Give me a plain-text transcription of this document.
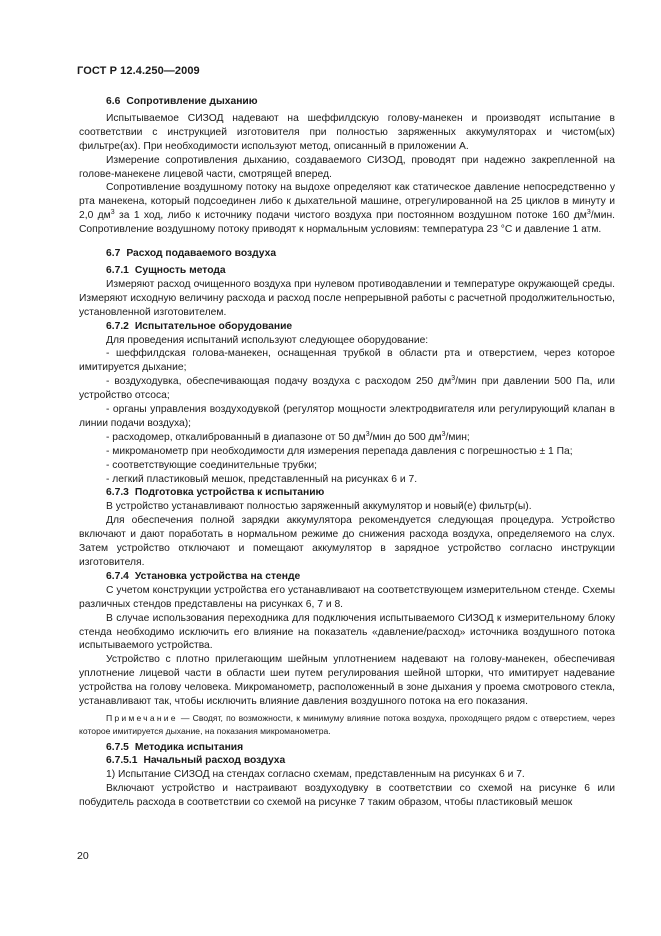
ГОСТ Р 12.4.250—2009
6.6 Сопротивление дыханию

Испытываемое СИЗОД надевают на шеффилдскую голову-манекен и производят испытание в соответствии с инструкцией изготовителя при полностью заряженных аккумуляторах и чистом(ых) фильтре(ах). При необходимости используют метод, описанный в приложении А.

Измерение сопротивления дыханию, создаваемого СИЗОД, проводят при надежно закрепленной на голове-манекене лицевой части, смотрящей вперед.

Сопротивление воздушному потоку на выдохе определяют как статическое давление непосредственно у рта манекена, который подсоединен либо к дыхательной машине, отрегулированной на 25 циклов в минуту и 2,0 $дм^3$ за 1 ход, либо к источнику подачи чистого воздуха при постоянном воздушном потоке 160 $дм^3$/мин. Сопротивление воздушному потоку приводят к нормальным условиям: температура 23 °С и давление 1 атм.

6.7 Расход подаваемого воздуха
6.7.1 Сущность метода

Измеряют расход очищенного воздуха при нулевом противодавлении и температуре окружающей среды. Измеряют исходную величину расхода и расход после непрерывной работы с расчетной продолжительностью, установленной изготовителем.

6.7.2 Испытательное оборудование

Для проведения испытаний используют следующее оборудование:

- шеффилдская голова-манекен, оснащенная трубкой в области рта и отверстием, через которое имитируется дыхание;

- воздуходувка, обеспечивающая подачу воздуха с расходом 250 $дм^3$/мин при давлении 500 Па, или устройство отсоса;

- органы управления воздуходувкой (регулятор мощности электродвигателя или регулирующий клапан в линии подачи воздуха);

- расходомер, откалиброванный в диапазоне от 50 $дм^3$/мин до 500 $дм^3$/мин;

- микроманометр при необходимости для измерения перепада давления с погрешностью ± 1 Па;

- соответствующие соединительные трубки;

- легкий пластиковый мешок, представленный на рисунках 6 и 7.

6.7.3 Подготовка устройства к испытанию

В устройство устанавливают полностью заряженный аккумулятор и новый(е) фильтр(ы).

Для обеспечения полной зарядки аккумулятора рекомендуется следующая процедура. Устройство включают и дают поработать в нормальном режиме до снижения расхода воздуха, определяемого на слух. Затем устройство отключают и помещают аккумулятор в зарядное устройство согласно инструкции изготовителя.

6.7.4 Установка устройства на стенде

С учетом конструкции устройства его устанавливают на соответствующем измерительном стенде. Схемы различных стендов представлены на рисунках 6, 7 и 8.

В случае использования переходника для подключения испытываемого СИЗОД к измерительному блоку стенда необходимо исключить его влияние на показатель «давление/расход» источника воздушного потока испытываемого устройства.

Устройство с плотно прилегающим шейным уплотнением надевают на голову-манекен, обеспечивая уплотнение лицевой части в области шеи путем регулирования шейной шторки, что имитирует надевание устройства на голову человека. Микроманометр, расположенный в зоне дыхания у проема смотрового стекла, устанавливают так, чтобы исключить влияние давления воздушного потока на его показания.

Примечание — Сводят, по возможности, к минимуму влияние потока воздуха, проходящего рядом с отверстием, через которое имитируется дыхание, на показания микроманометра.

6.7.5 Методика испытания
6.7.5.1 Начальный расход воздуха

1) Испытание СИЗОД на стендах согласно схемам, представленным на рисунках 6 и 7.

Включают устройство и настраивают воздуходувку в соответствии со схемой на рисунке 6 или побудитель расхода в соответствии со схемой на рисунке 7 таким образом, чтобы пластиковый мешок

20
